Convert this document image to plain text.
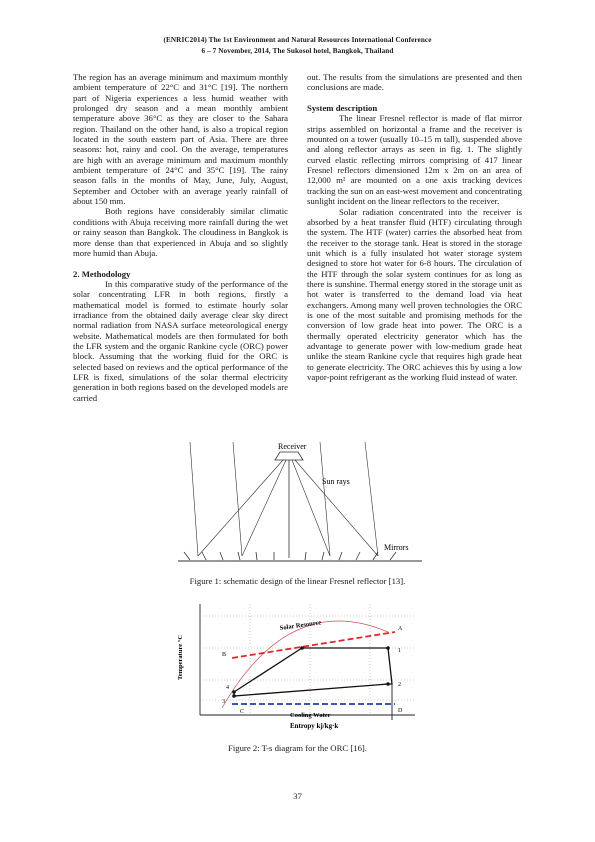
(ENRIC2014) The 1st Environment and Natural Resources International Conference
6 – 7 November, 2014, The Sukosol hotel, Bangkok, Thailand

The region has an average minimum and maximum monthly ambient temperature of 22°C and 31°C [19]. The northern part of Nigeria experiences a less humid weather with prolonged dry season and a mean monthly ambient temperature above 36°C as they are closer to the Sahara region. Thailand on the other hand, is also a tropical region located in the south eastern part of Asia. There are three seasons: hot, rainy and cool. On the average, temperatures are high with an average minimum and maximum monthly ambient temperature of 24°C and 35°C [19]. The rainy season falls in the months of May, June, July, August, September and October with an average yearly rainfall of about 150 mm.

Both regions have considerably similar climatic conditions with Abuja receiving more rainfall during the wet or rainy season than Bangkok. The cloudiness in Bangkok is more dense than that experienced in Abuja and so slightly more humid than Abuja.

2. Methodology

In this comparative study of the performance of the solar concentrating LFR in both regions, firstly a mathematical model is formed to estimate hourly solar irradiance from the obtained daily average clear sky direct normal radiation from NASA surface meteorological energy website. Mathematical models are then formulated for both the LFR system and the organic Rankine cycle (ORC) power block. Assuming that the working fluid for the ORC is selected based on reviews and the optical performance of the LFR is fixed, simulations of the solar thermal electricity generation in both regions based on the developed models are carried

out. The results from the simulations are presented and then conclusions are made.

System description

The linear Fresnel reflector is made of flat mirror strips assembled on horizontal a frame and the receiver is mounted on a tower (usually 10–15 m tall), suspended above and along reflector arrays as seen in fig. 1. The slightly curved elastic reflecting mirrors comprising of 417 linear Fresnel reflectors dimensioned 12m x 2m on an area of 12,000 m² are mounted on a one axis tracking devices tracking the sun on an east-west movement and concentrating sunlight incident on the linear reflectors to the receiver.

Solar radiation concentrated into the receiver is absorbed by a heat transfer fluid (HTF) circulating through the system. The HTF (water) carries the absorbed heat from the receiver to the storage tank. Heat is stored in the storage unit which is a fully insulated hot water storage system designed to store hot water for 6-8 hours. The circulation of the HTF through the solar system continues for as long as there is sunshine. Thermal energy stored in the storage unit as hot water is transferred to the demand load via heat exchangers. Among many well proven technologies the ORC is one of the most suitable and promising methods for the conversion of low grade heat into power. The ORC is a thermally operated electricity generator which has the advantage to generate power with low-medium grade heat unlike the steam Rankine cycle that requires high grade heat to generate electricity. The ORC achieves this by using a low vapor-point refrigerant as the working fluid instead of water.

Receiver
Sun rays
Mirrors
Figure 1: schematic design of the linear Fresnel reflector [13].
Temperature °C
Entropy kj/kg·k
Solar Resource
Cooling Water
A
B
C	D
1
2
3
4
Figure 2: T-s diagram for the ORC [16].
37
